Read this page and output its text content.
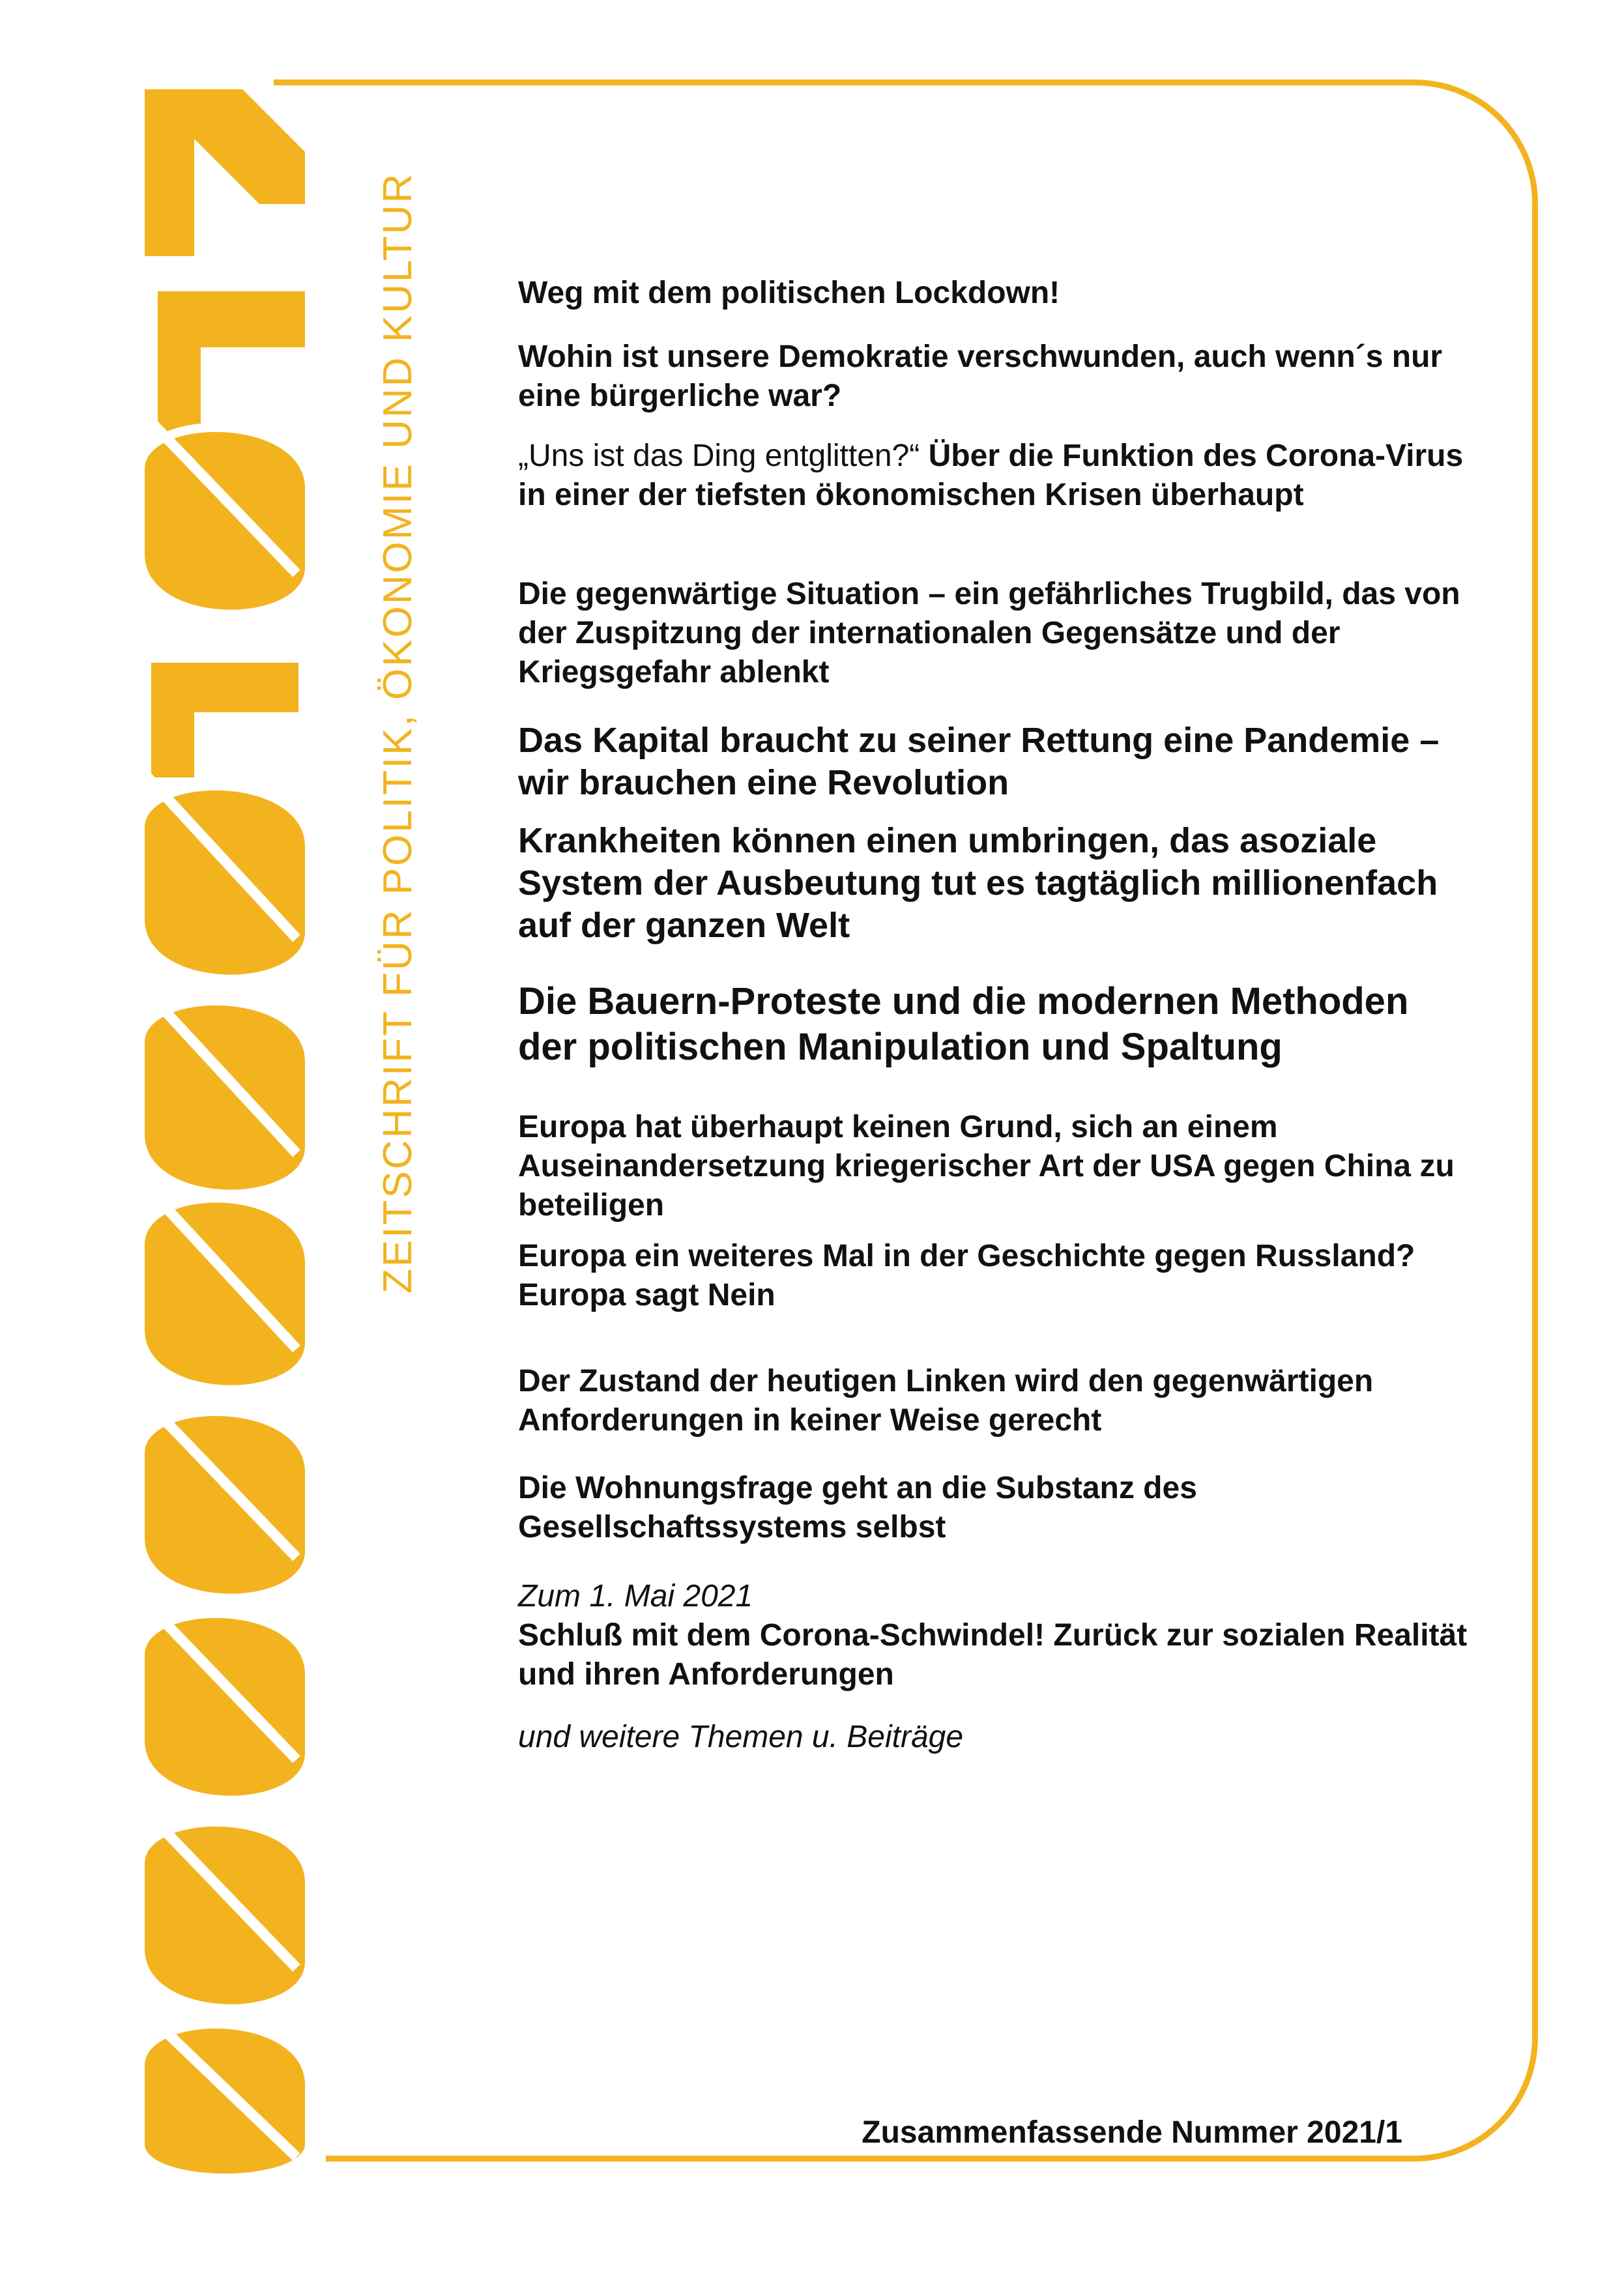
ZEITSCHRIFT FÜR POLITIK, ÖKONOMIE UND KULTUR	Weg mit dem politischen Lockdown!
Wohin ist unsere Demokratie verschwunden, auch wenn´s nur eine bürgerliche war?
„Uns ist das Ding entglitten?“ Über die Funktion des Corona-Virus in einer der tiefsten ökonomischen Krisen überhaupt
Die gegenwärtige Situation – ein gefährliches Trugbild, das von der Zuspitzung der internationalen Gegensätze und der Kriegsgefahr ablenkt
Das Kapital braucht zu seiner Rettung eine Pandemie – wir brauchen eine Revolution
Krankheiten können einen umbringen, das asoziale System der Ausbeutung tut es tagtäglich millionenfach auf der ganzen Welt
Die Bauern-Proteste und die modernen Methoden der politischen Manipulation und Spaltung
Europa hat überhaupt keinen Grund, sich an einem Auseinandersetzung kriegerischer Art der USA gegen China zu beteiligen
Europa ein weiteres Mal in der Geschichte gegen Russland? Europa sagt Nein
Der Zustand der heutigen Linken wird den gegenwärtigen Anforderungen in keiner Weise gerecht
Die Wohnungsfrage geht an die Substanz des Gesellschaftssystems selbst
Zum 1. Mai 2021
Schluß mit dem Corona-Schwindel! Zurück zur sozialen Realität und ihren Anforderungen
und weitere Themen u. Beiträge
Zusammenfassende Nummer 2021/1
